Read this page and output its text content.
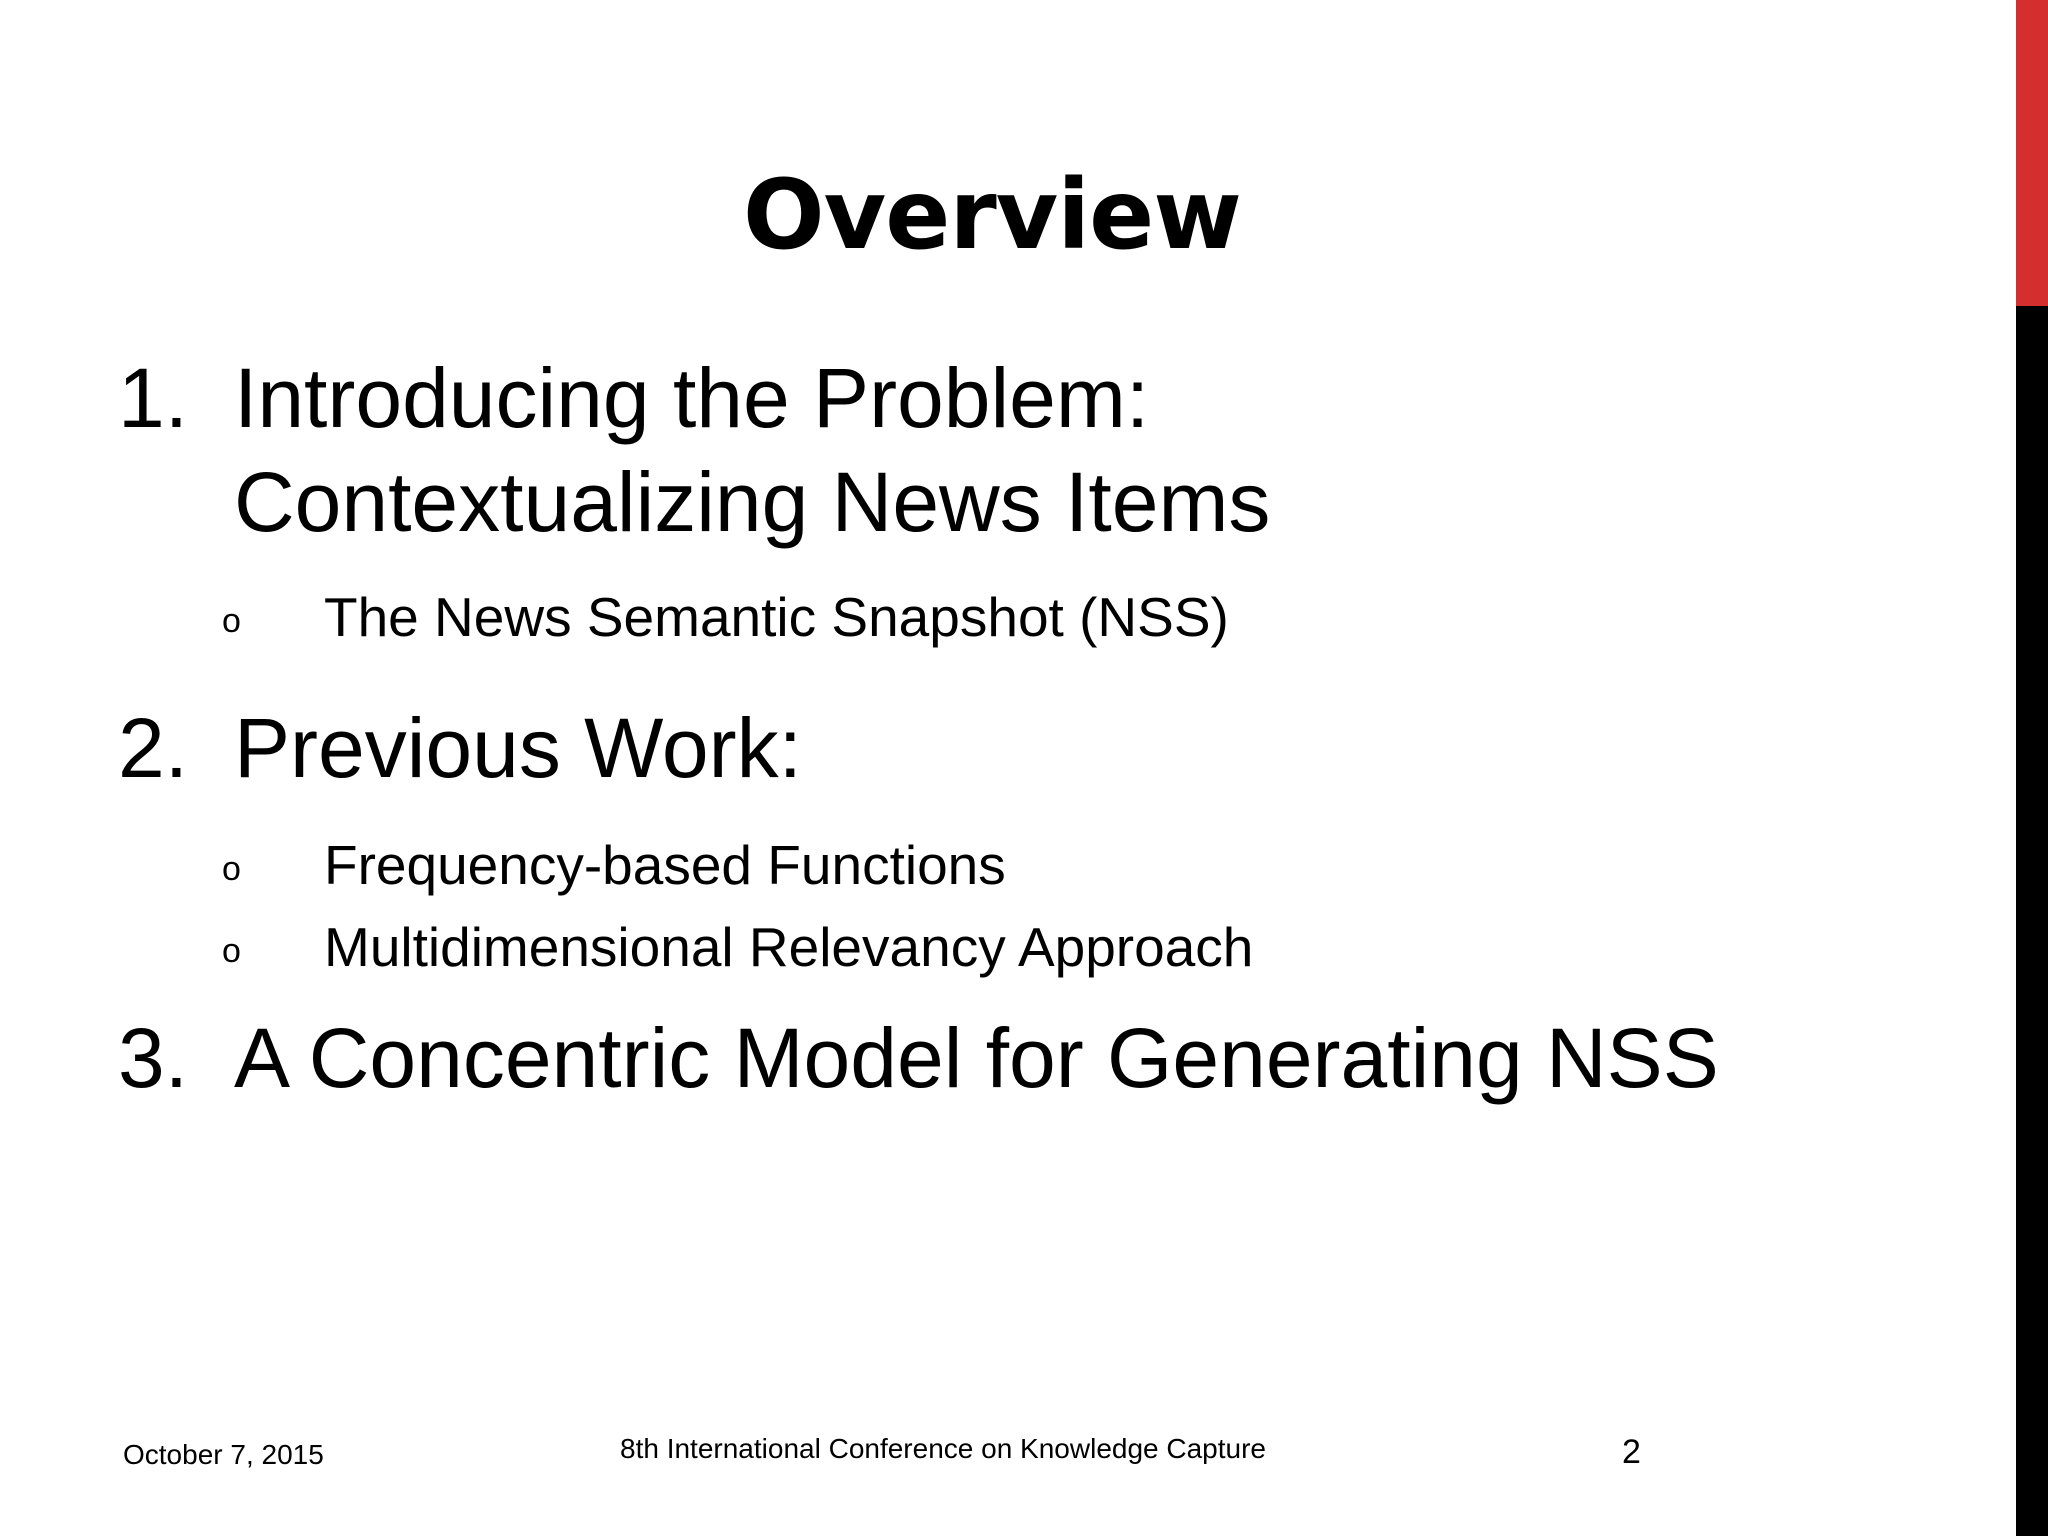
Overview
1. Introducing the Problem:
Contextualizing News Items
o The News Semantic Snapshot (NSS)
2. Previous Work:
o Frequency-based Functions
o Multidimensional Relevancy Approach
3. A Concentric Model for Generating NSS
October 7, 2015	8th International Conference on Knowledge Capture	2
